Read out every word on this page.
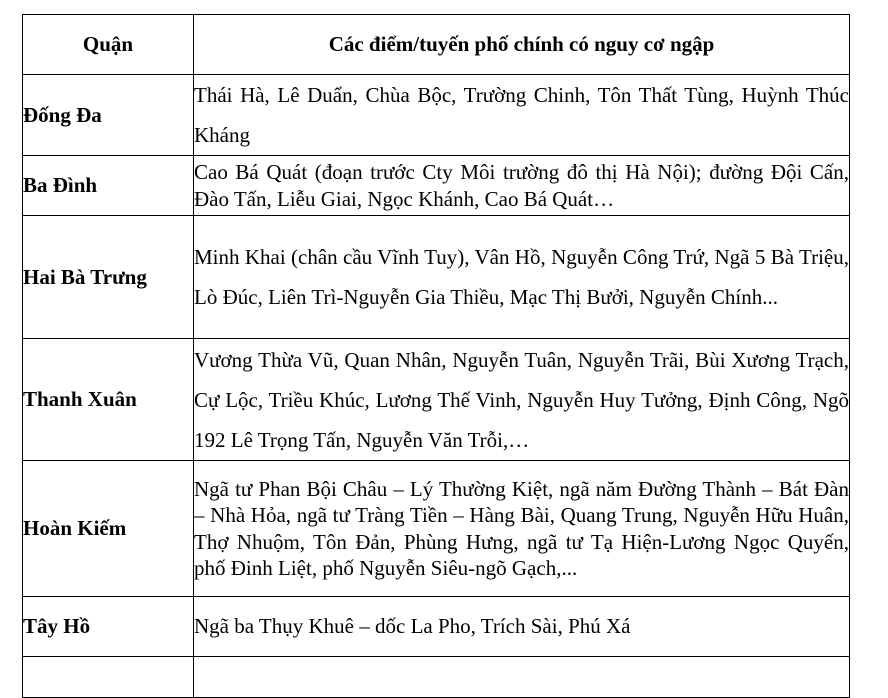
Quận	Các điểm/tuyến phố chính có nguy cơ ngập
Đống Đa	Thái Hà, Lê Duẩn, Chùa Bộc, Trường Chinh, Tôn Thất Tùng, Huỳnh Thúc Kháng
Ba Đình	Cao Bá Quát (đoạn trước Cty Môi trường đô thị Hà Nội); đường Đội Cấn, Đào Tấn, Liễu Giai, Ngọc Khánh, Cao Bá Quát…
Hai Bà Trưng	Minh Khai (chân cầu Vĩnh Tuy), Vân Hồ, Nguyễn Công Trứ, Ngã 5 Bà Triệu, Lò Đúc, Liên Trì-Nguyễn Gia Thiều, Mạc Thị Bưởi, Nguyễn Chính...
Thanh Xuân	Vương Thừa Vũ, Quan Nhân, Nguyễn Tuân, Nguyễn Trãi, Bùi Xương Trạch, Cự Lộc, Triều Khúc, Lương Thế Vinh, Nguyễn Huy Tưởng, Định Công, Ngõ 192 Lê Trọng Tấn, Nguyễn Văn Trỗi,…
Hoàn Kiếm	Ngã tư Phan Bội Châu – Lý Thường Kiệt, ngã năm Đường Thành – Bát Đàn – Nhà Hỏa, ngã tư Tràng Tiền – Hàng Bài, Quang Trung, Nguyễn Hữu Huân, Thợ Nhuộm, Tôn Đản, Phùng Hưng, ngã tư Tạ Hiện-Lương Ngọc Quyến, phố Đinh Liệt, phố Nguyễn Siêu-ngõ Gạch,...
Tây Hồ	Ngã ba Thụy Khuê – dốc La Pho, Trích Sài, Phú Xá
